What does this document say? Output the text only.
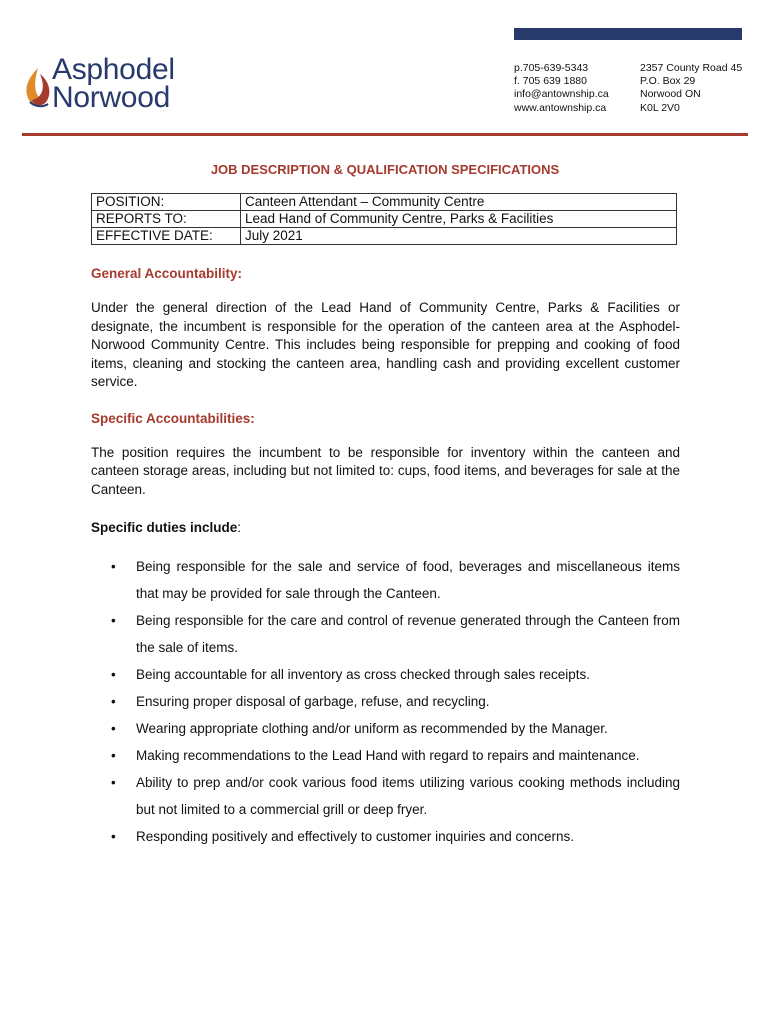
Asphodel
Norwood
p.705-639-5343
f. 705 639 1880
info@antownship.ca
www.antownship.ca
2357 County Road 45
P.O. Box 29
Norwood ON
K0L 2V0
JOB DESCRIPTION & QUALIFICATION SPECIFICATIONS
POSITION:	Canteen Attendant – Community Centre
REPORTS TO:	Lead Hand of Community Centre, Parks & Facilities
EFFECTIVE DATE:	July 2021

General Accountability:

Under the general direction of the Lead Hand of Community Centre, Parks & Facilities or designate, the incumbent is responsible for the operation of the canteen area at the Asphodel-Norwood Community Centre. This includes being responsible for prepping and cooking of food items, cleaning and stocking the canteen area, handling cash and providing excellent customer service.

Specific Accountabilities:

The position requires the incumbent to be responsible for inventory within the canteen and canteen storage areas, including but not limited to: cups, food items, and beverages for sale at the Canteen.

Specific duties include:

• Being responsible for the sale and service of food, beverages and miscellaneous items that may be provided for sale through the Canteen.
• Being responsible for the care and control of revenue generated through the Canteen from the sale of items.
• Being accountable for all inventory as cross checked through sales receipts.
• Ensuring proper disposal of garbage, refuse, and recycling.
• Wearing appropriate clothing and/or uniform as recommended by the Manager.
• Making recommendations to the Lead Hand with regard to repairs and maintenance.
• Ability to prep and/or cook various food items utilizing various cooking methods including but not limited to a commercial grill or deep fryer.
• Responding positively and effectively to customer inquiries and concerns.
